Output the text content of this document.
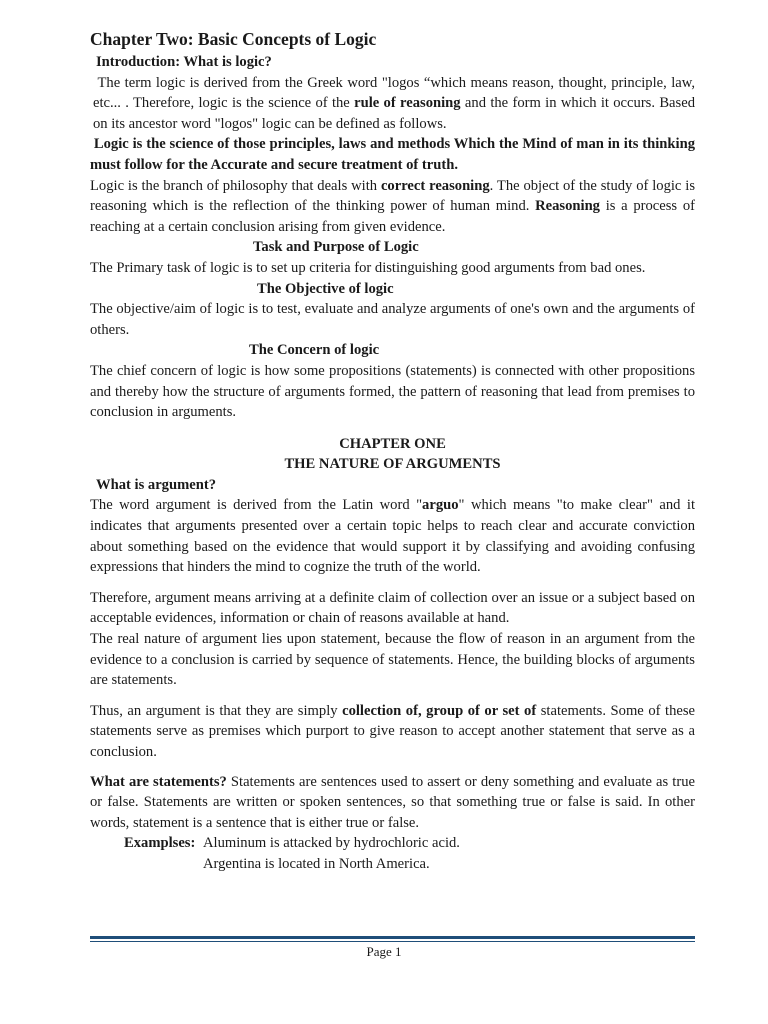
Chapter Two: Basic Concepts of Logic

Introduction: What is logic?

The term logic is derived from the Greek word "logos “which means reason, thought, principle, law, etc... . Therefore, logic is the science of the rule of reasoning and the form in which it occurs. Based on its ancestor word "logos" logic can be defined as follows.

Logic is the science of those principles, laws and methods Which the Mind of man in its thinking must follow for the Accurate and secure treatment of truth.

Logic is the branch of philosophy that deals with correct reasoning. The object of the study of logic is reasoning which is the reflection of the thinking power of human mind. Reasoning is a process of reaching at a certain conclusion arising from given evidence.

Task and Purpose of Logic

The Primary task of logic is to set up criteria for distinguishing good arguments from bad ones.

The Objective of logic

The objective/aim of logic is to test, evaluate and analyze arguments of one's own and the arguments of others.

The Concern of logic

The chief concern of logic is how some propositions (statements) is connected with other propositions and thereby how the structure of arguments formed, the pattern of reasoning that lead from premises to conclusion in arguments.

CHAPTER ONE

THE NATURE OF ARGUMENTS

What is argument?

The word argument is derived from the Latin word "arguo" which means "to make clear" and it indicates that arguments presented over a certain topic helps to reach clear and accurate conviction about something based on the evidence that would support it by classifying and avoiding confusing expressions that hinders the mind to cognize the truth of the world.

Therefore, argument means arriving at a definite claim of collection over an issue or a subject based on acceptable evidences, information or chain of reasons available at hand.

The real nature of argument lies upon statement, because the flow of reason in an argument from the evidence to a conclusion is carried by sequence of statements. Hence, the building blocks of arguments are statements.

Thus, an argument is that they are simply collection of, group of or set of statements. Some of these statements serve as premises which purport to give reason to accept another statement that serve as a conclusion.

What are statements? Statements are sentences used to assert or deny something and evaluate as true or false. Statements are written or spoken sentences, so that something true or false is said. In other words, statement is a sentence that is either true or false.

Examplses: Aluminum is attacked by hydrochloric acid.
Argentina is located in North America.
Page 1
